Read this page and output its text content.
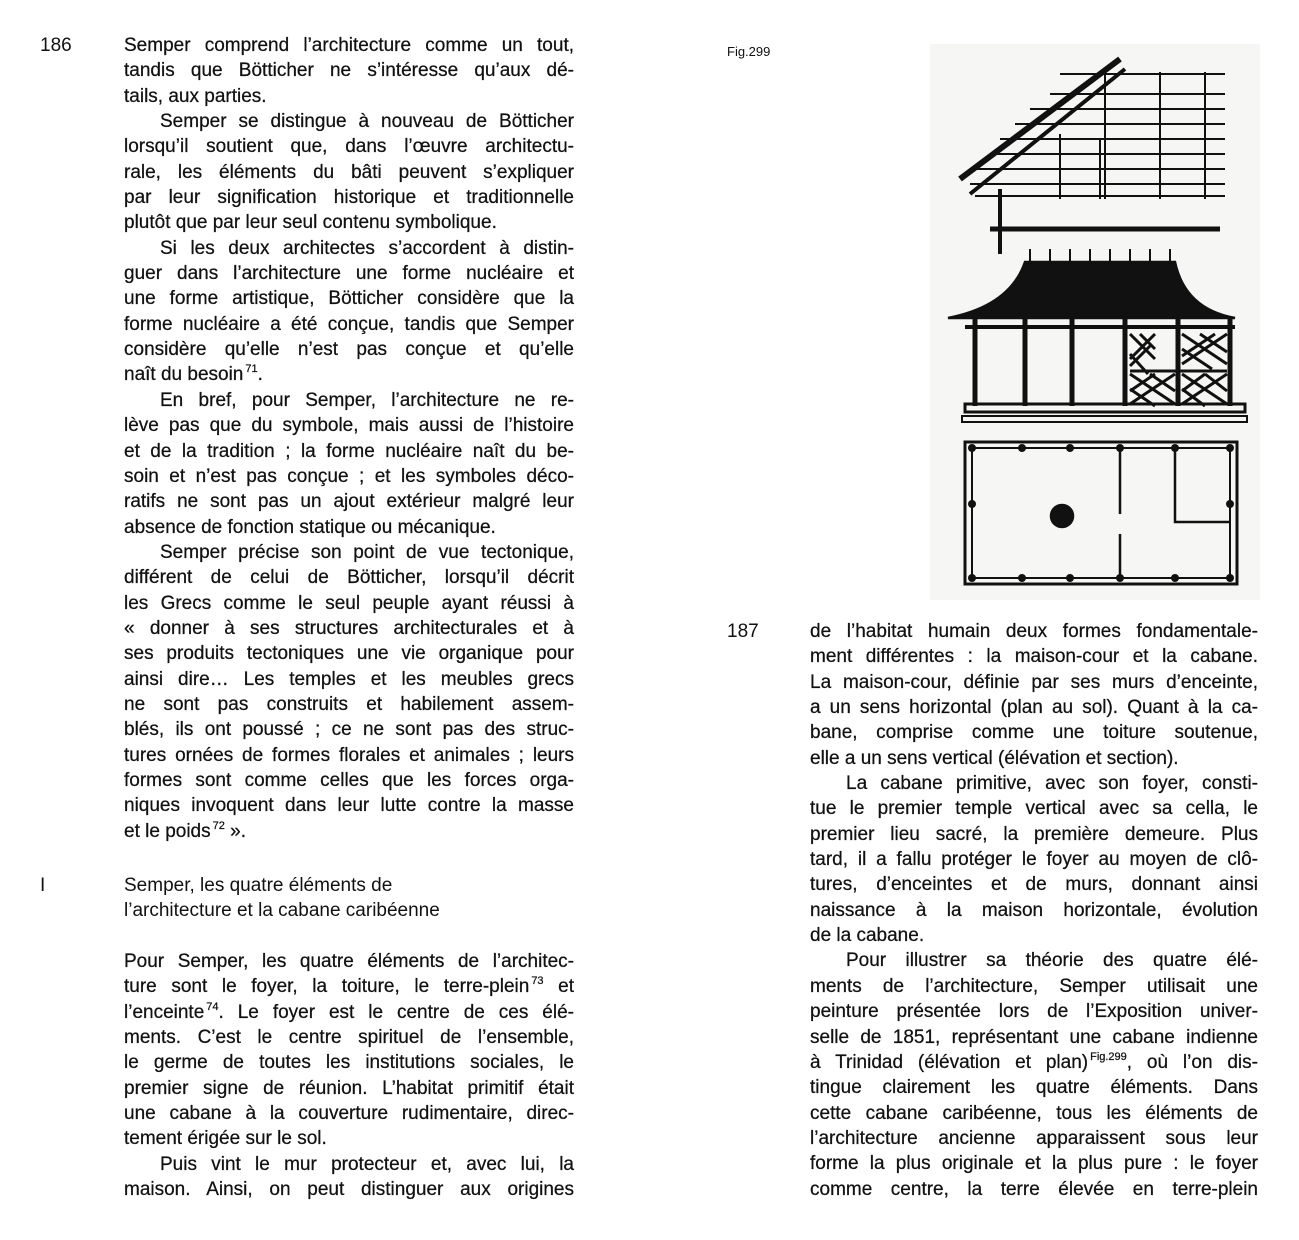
186	Semper comprend l’architecture comme un tout,
tandis que Bötticher ne s’intéresse qu’aux dé-
tails, aux parties.
Semper se distingue à nouveau de Bötticher
lorsqu’il soutient que, dans l’œuvre architectu-
rale, les éléments du bâti peuvent s’expliquer
par leur signification historique et traditionnelle
plutôt que par leur seul contenu symbolique.
Si les deux architectes s’accordent à distin-
guer dans l’architecture une forme nucléaire et
une forme artistique, Bötticher considère que la
forme nucléaire a été conçue, tandis que Semper
considère qu’elle n’est pas conçue et qu’elle
naît du besoin $^{71}$.
En bref, pour Semper, l’architecture ne re-
lève pas que du symbole, mais aussi de l’histoire
et de la tradition ; la forme nucléaire naît du be-
soin et n’est pas conçue ; et les symboles déco-
ratifs ne sont pas un ajout extérieur malgré leur
absence de fonction statique ou mécanique.
Semper précise son point de vue tectonique,
différent de celui de Bötticher, lorsqu’il décrit
les Grecs comme le seul peuple ayant réussi à
« donner à ses structures architecturales et à
ses produits tectoniques une vie organique pour
ainsi dire… Les temples et les meubles grecs
ne sont pas construits et habilement assem-
blés, ils ont poussé ; ce ne sont pas des struc-
tures ornées de formes florales et animales ; leurs
formes sont comme celles que les forces orga-
niques invoquent dans leur lutte contre la masse
et le poids $^{72}$ ».
I	Semper, les quatre éléments de
l’architecture et la cabane caribéenne
Pour Semper, les quatre éléments de l’architec-
ture sont le foyer, la toiture, le terre-plein $^{73}$ et
l’enceinte $^{74}$. Le foyer est le centre de ces élé-
ments. C’est le centre spirituel de l’ensemble,
le germe de toutes les institutions sociales, le
premier signe de réunion. L’habitat primitif était
une cabane à la couverture rudimentaire, direc-
tement érigée sur le sol.
Puis vint le mur protecteur et, avec lui, la
maison. Ainsi, on peut distinguer aux origines
Fig.299
187	de l’habitat humain deux formes fondamentale-
ment différentes : la maison-cour et la cabane.
La maison-cour, définie par ses murs d’enceinte,
a un sens horizontal (plan au sol). Quant à la ca-
bane, comprise comme une toiture soutenue,
elle a un sens vertical (élévation et section).
La cabane primitive, avec son foyer, consti-
tue le premier temple vertical avec sa cella, le
premier lieu sacré, la première demeure. Plus
tard, il a fallu protéger le foyer au moyen de clô-
tures, d’enceintes et de murs, donnant ainsi
naissance à la maison horizontale, évolution
de la cabane.
Pour illustrer sa théorie des quatre élé-
ments de l’architecture, Semper utilisait une
peinture présentée lors de l’Exposition univer-
selle de 1851, représentant une cabane indienne
à Trinidad (élévation et plan) $^{Fig.299}$, où l’on dis-
tingue clairement les quatre éléments. Dans
cette cabane caribéenne, tous les éléments de
l’architecture ancienne apparaissent sous leur
forme la plus originale et la plus pure : le foyer
comme centre, la terre élevée en terre-plein
